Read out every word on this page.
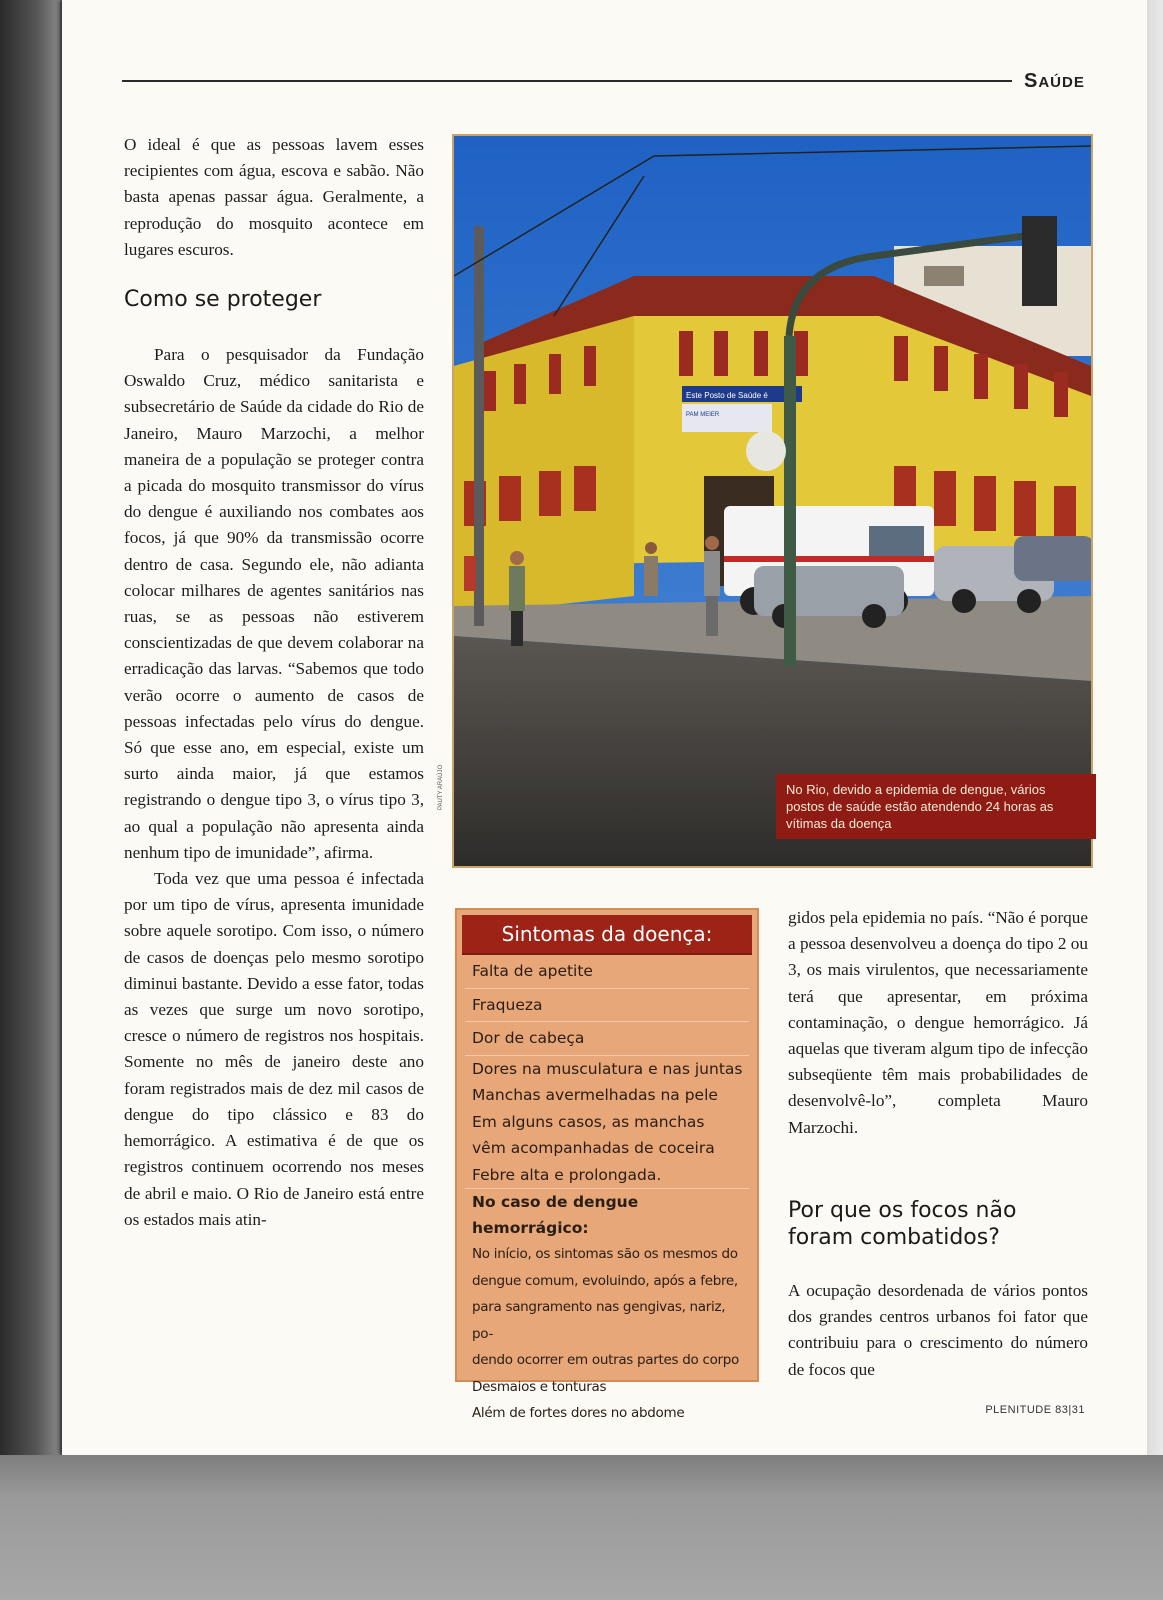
SAÚDE

O ideal é que as pessoas lavem esses recipientes com água, escova e sabão. Não basta apenas passar água. Geralmente, a reprodução do mosquito acontece em lugares escuros.

Como se proteger

Para o pesquisador da Fundação Oswaldo Cruz, médico sanitarista e subsecretário de Saúde da cidade do Rio de Janeiro, Mauro Marzochi, a melhor maneira de a população se proteger contra a picada do mosquito transmissor do vírus do dengue é auxiliando nos combates aos focos, já que 90% da transmissão ocorre dentro de casa. Segundo ele, não adianta colocar milhares de agentes sanitários nas ruas, se as pessoas não estiverem conscientizadas de que devem colaborar na erradicação das larvas. “Sabemos que todo verão ocorre o aumento de casos de pessoas infectadas pelo vírus do dengue. Só que esse ano, em especial, existe um surto ainda maior, já que estamos registrando o dengue tipo 3, o vírus tipo 3, ao qual a população não apresenta ainda nenhum tipo de imunidade”, afirma.

Toda vez que uma pessoa é infectada por um tipo de vírus, apresenta imunidade sobre aquele sorotipo. Com isso, o número de casos de doenças pelo mesmo sorotipo diminui bastante. Devido a esse fator, todas as vezes que surge um novo sorotipo, cresce o número de registros nos hospitais. Somente no mês de janeiro deste ano foram registrados mais de dez mil casos de dengue do tipo clássico e 83 do hemorrágico. A estimativa é de que os registros continuem ocorrendo nos meses de abril e maio. O Rio de Janeiro está entre os estados mais atin-

Este Posto de Saúde é
PAM MEIER
PAUTY ARAÚJO	No Rio, devido a epidemia de dengue, vários postos de saúde estão atendendo 24 horas as vítimas da doença
Sintomas da doença:
Falta de apetite
Fraqueza
Dor de cabeça
Dores na musculatura e nas juntas
Manchas avermelhadas na pele
Em alguns casos, as manchas
vêm acompanhadas de coceira
Febre alta e prolongada.
No caso de dengue hemorrágico:
No início, os sintomas são os mesmos do
dengue comum, evoluindo, após a febre,
para sangramento nas gengivas, nariz, po-
dendo ocorrer em outras partes do corpo
Desmaios e tonturas
Além de fortes dores no abdome

gidos pela epidemia no país. “Não é porque a pessoa desenvolveu a doença do tipo 2 ou 3, os mais virulentos, que necessariamente terá que apresentar, em próxima contaminação, o dengue hemorrágico. Já aquelas que tiveram algum tipo de infecção subseqüente têm mais probabilidades de desenvolvê-lo”, completa Mauro Marzochi.

Por que os focos não foram combatidos?

A ocupação desordenada de vários pontos dos grandes centros urbanos foi fator que contribuiu para o crescimento do número de focos que

PLENITUDE 83|31
